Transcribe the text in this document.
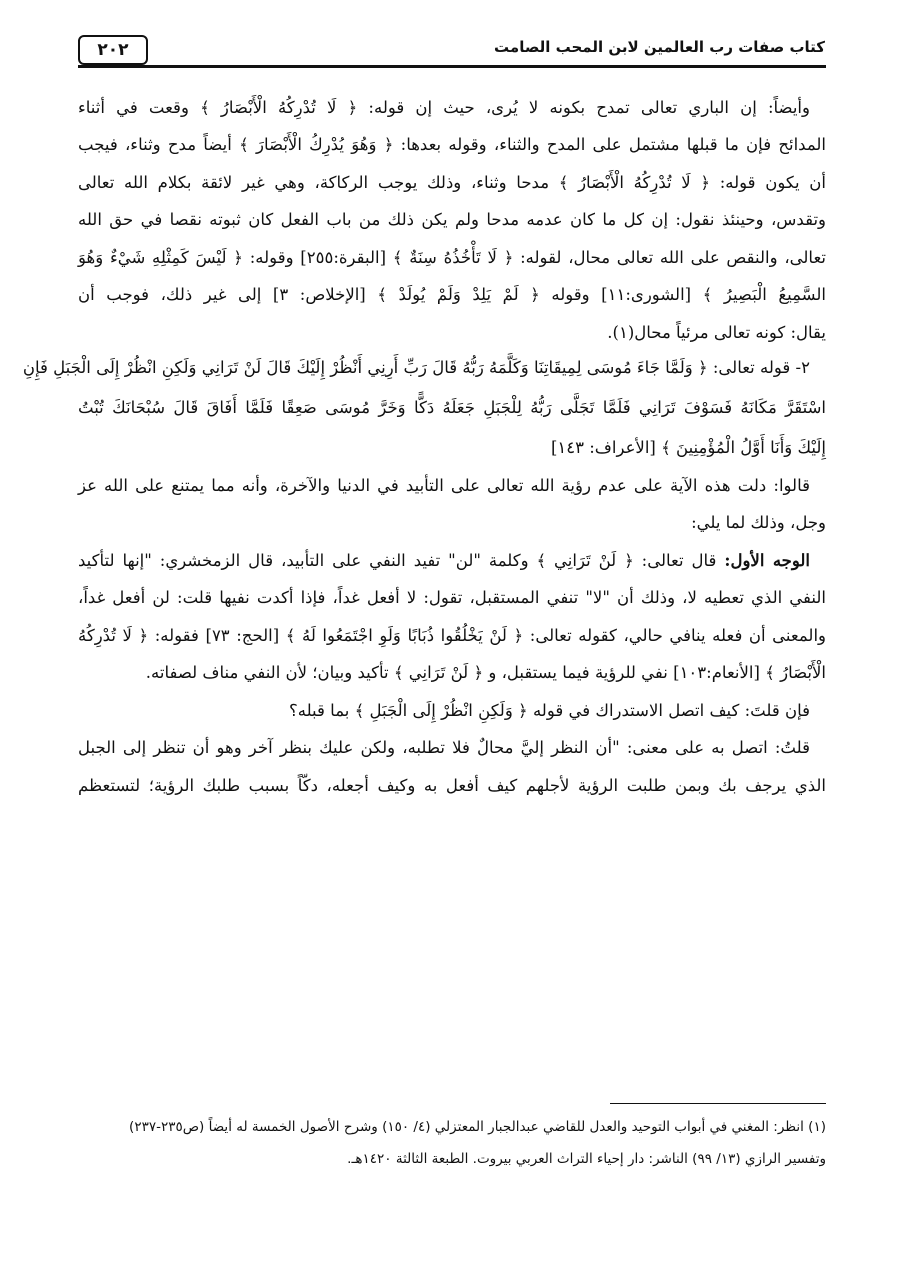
كتاب صفات رب العالمين لابن المحب الصامت
٢٠٢
وأيضاً: إن الباري تعالى تمدح بكونه لا يُرى، حيث إن قوله: ﴿ لَا تُدْرِكُهُ الْأَبْصَارُ ﴾ وقعت في أثناء
المدائح فإن ما قبلها مشتمل على المدح والثناء، وقوله بعدها: ﴿ وَهُوَ يُدْرِكُ الْأَبْصَارَ ﴾ أيضاً مدح وثناء، فيجب
أن يكون قوله: ﴿ لَا تُدْرِكُهُ الْأَبْصَارُ ﴾ مدحا وثناء، وذلك يوجب الركاكة، وهي غير لائقة بكلام الله تعالى
وتقدس، وحينئذ نقول: إن كل ما كان عدمه مدحا ولم يكن ذلك من باب الفعل كان ثبوته نقصا في حق الله
تعالى، والنقص على الله تعالى محال، لقوله: ﴿ لَا تَأْخُذُهُ سِنَةٌ ﴾ [البقرة:٢٥٥] وقوله: ﴿ لَيْسَ كَمِثْلِهِ شَيْءٌ وَهُوَ
السَّمِيعُ الْبَصِيرُ ﴾ [الشورى:١١] وقوله ﴿ لَمْ يَلِدْ وَلَمْ يُولَدْ ﴾ [الإخلاص: ٣] إلى غير ذلك، فوجب أن
يقال: كونه تعالى مرئياً محال(١).
٢- قوله تعالى: ﴿ وَلَمَّا جَاءَ مُوسَى لِمِيقَاتِنَا وَكَلَّمَهُ رَبُّهُ قَالَ رَبِّ أَرِنِي أَنْظُرْ إِلَيْكَ قَالَ لَنْ تَرَانِي وَلَكِنِ انْظُرْ إِلَى الْجَبَلِ فَإِنِ
اسْتَقَرَّ مَكَانَهُ فَسَوْفَ تَرَانِي فَلَمَّا تَجَلَّى رَبُّهُ لِلْجَبَلِ جَعَلَهُ دَكًّا وَخَرَّ مُوسَى صَعِقًا فَلَمَّا أَفَاقَ قَالَ سُبْحَانَكَ تُبْتُ
إِلَيْكَ وَأَنَا أَوَّلُ الْمُؤْمِنِينَ ﴾ [الأعراف: ١٤٣]
قالوا: دلت هذه الآية على عدم رؤية الله تعالى على التأبيد في الدنيا والآخرة، وأنه مما يمتنع على الله عز
وجل، وذلك لما يلي:
الوجه الأول: قال تعالى: ﴿ لَنْ تَرَانِي ﴾ وكلمة "لن" تفيد النفي على التأبيد، قال الزمخشري: "إنها لتأكيد
النفي الذي تعطيه لا، وذلك أن "لا" تنفي المستقبل، تقول: لا أفعل غداً، فإذا أكدت نفيها قلت: لن أفعل غداً،
والمعنى أن فعله ينافي حالي، كقوله تعالى: ﴿ لَنْ يَخْلُقُوا ذُبَابًا وَلَوِ اجْتَمَعُوا لَهُ ﴾ [الحج: ٧٣] فقوله: ﴿ لَا تُدْرِكُهُ
الْأَبْصَارُ ﴾ [الأنعام:١٠٣] نفي للرؤية فيما يستقبل، و ﴿ لَنْ تَرَانِي ﴾ تأكيد وبيان؛ لأن النفي مناف لصفاته.
فإن قلتَ: كيف اتصل الاستدراك في قوله ﴿ وَلَكِنِ انْظُرْ إِلَى الْجَبَلِ ﴾ بما قبله؟
قلتُ: اتصل به على معنى: "أن النظر إليَّ محالٌ فلا تطلبه، ولكن عليك بنظر آخر وهو أن تنظر إلى الجبل
الذي يرجف بك وبمن طلبت الرؤية لأجلهم كيف أفعل به وكيف أجعله، دكّاً بسبب طلبك الرؤية؛ لتستعظم
(١) انظر: المغني في أبواب التوحيد والعدل للقاضي عبدالجبار المعتزلي (٤/ ١٥٠) وشرح الأصول الخمسة له أيضاً (ص٢٣٥-٢٣٧)
وتفسير الرازي (١٣/ ٩٩) الناشر: دار إحياء التراث العربي بيروت. الطبعة الثالثة ١٤٢٠هـ.
